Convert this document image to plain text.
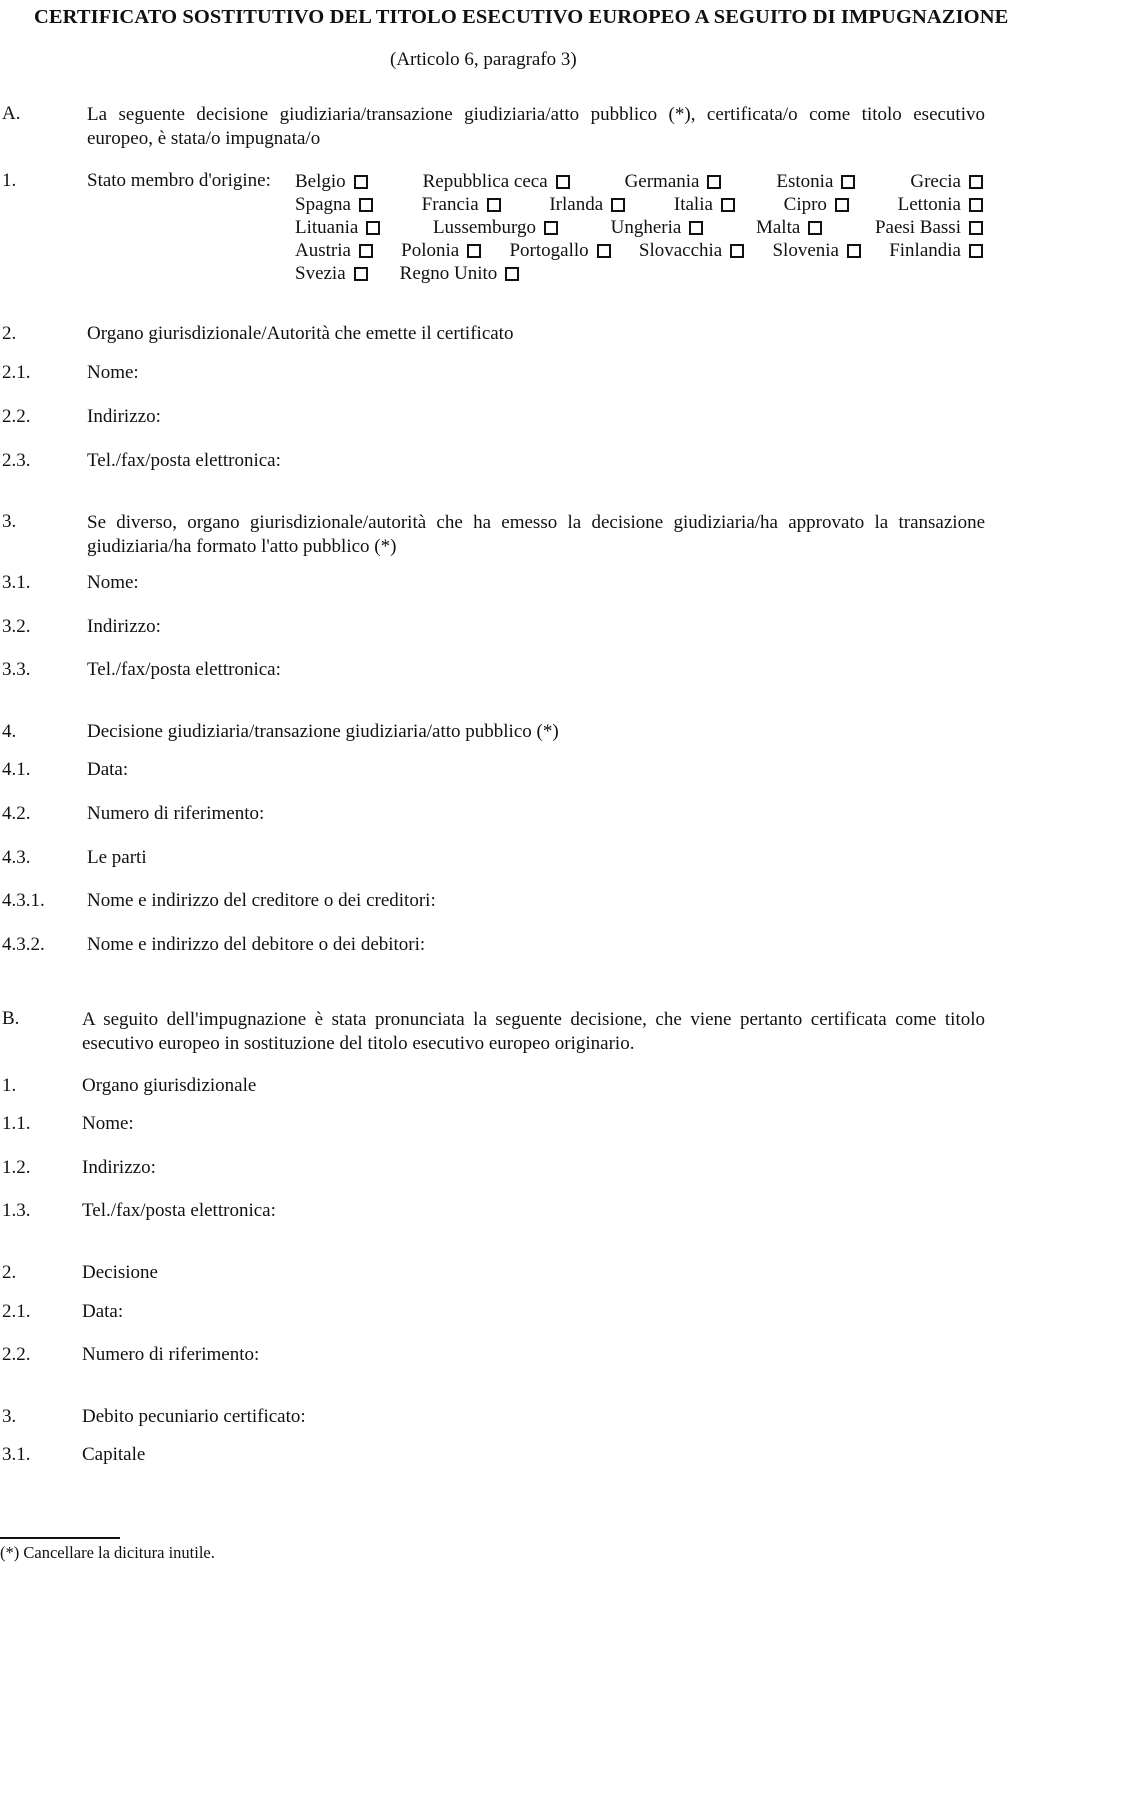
CERTIFICATO SOSTITUTIVO DEL TITOLO ESECUTIVO EUROPEO A SEGUITO DI IMPUGNAZIONE
(Articolo 6, paragrafo 3)
A.	La seguente decisione giudiziaria/transazione giudiziaria/atto pubblico (*), certificata/o come titolo esecutivo europeo, è stata/o impugnata/o
1.	Stato membro d'origine: Belgio	Repubblica ceca	Germania	Estonia	Grecia
Spagna	Francia	Irlanda	Italia	Cipro	Lettonia
Lituania	Lussemburgo	Ungheria	Malta	Paesi Bassi
Austria	Polonia	Portogallo	Slovacchia	Slovenia	Finlandia
Svezia	Regno Unito
2.	Organo giurisdizionale/Autorità che emette il certificato
2.1.	Nome:
2.2.	Indirizzo:
2.3.	Tel./fax/posta elettronica:
3.	Se diverso, organo giurisdizionale/autorità che ha emesso la decisione giudiziaria/ha approvato la transazione giudiziaria/ha formato l'atto pubblico (*)
3.1.	Nome:
3.2.	Indirizzo:
3.3.	Tel./fax/posta elettronica:
4.	Decisione giudiziaria/transazione giudiziaria/atto pubblico (*)
4.1.	Data:
4.2.	Numero di riferimento:
4.3.	Le parti
4.3.1. Nome e indirizzo del creditore o dei creditori:
4.3.2. Nome e indirizzo del debitore o dei debitori:
B.	A seguito dell'impugnazione è stata pronunciata la seguente decisione, che viene pertanto certificata come titolo esecutivo europeo in sostituzione del titolo esecutivo europeo originario.
1.	Organo giurisdizionale
1.1.	Nome:
1.2.	Indirizzo:
1.3.	Tel./fax/posta elettronica:
2.	Decisione
2.1.	Data:
2.2.	Numero di riferimento:
3.	Debito pecuniario certificato:
3.1.	Capitale
(*) Cancellare la dicitura inutile.
